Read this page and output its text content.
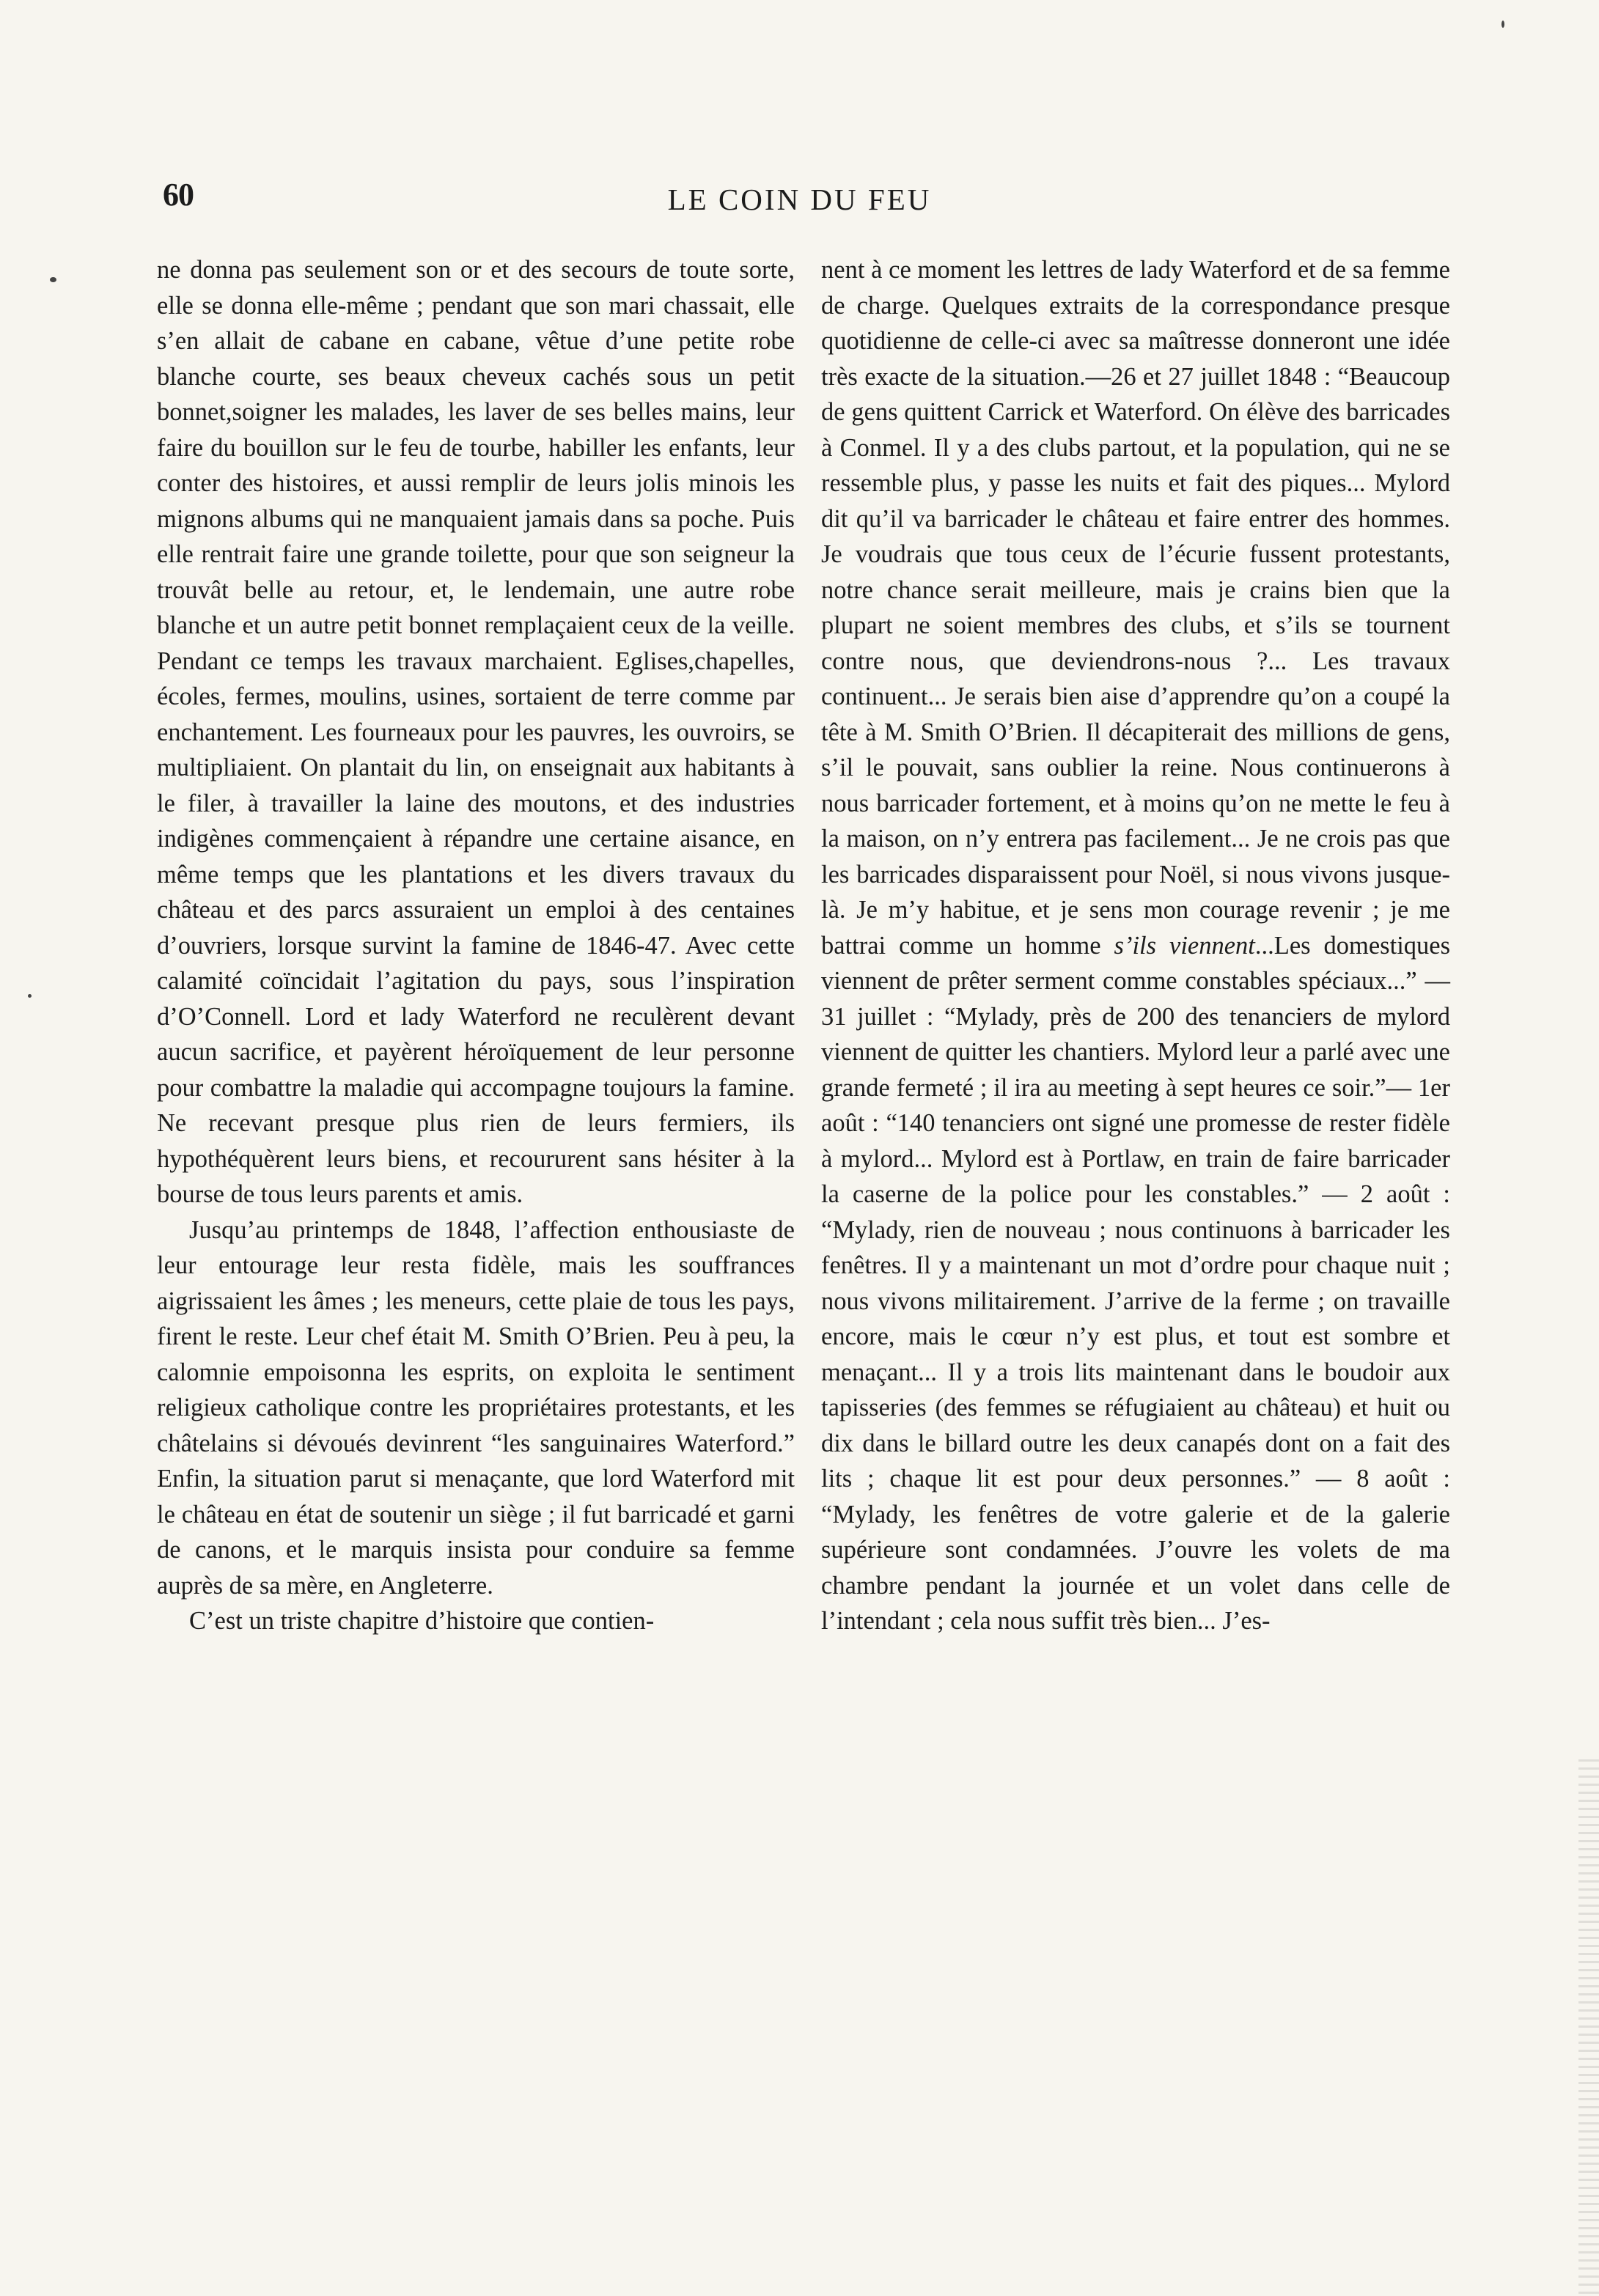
60	LE COIN DU FEU

ne donna pas seulement son or et des secours de toute sorte, elle se donna elle-même ; pendant que son mari chassait, elle s’en allait de cabane en cabane, vêtue d’une petite robe blanche courte, ses beaux cheveux cachés sous un petit bonnet,soigner les malades, les laver de ses belles mains, leur faire du bouillon sur le feu de tourbe, habiller les enfants, leur conter des histoires, et aussi remplir de leurs jolis minois les mignons albums qui ne manquaient jamais dans sa poche. Puis elle rentrait faire une grande toilette, pour que son seigneur la trouvât belle au retour, et, le lendemain, une autre robe blanche et un autre petit bonnet remplaçaient ceux de la veille. Pendant ce temps les travaux marchaient. Eglises,chapelles, écoles, fermes, moulins, usines, sortaient de terre comme par enchantement. Les fourneaux pour les pauvres, les ouvroirs, se multipliaient. On plantait du lin, on enseignait aux habitants à le filer, à travailler la laine des moutons, et des industries indigènes commençaient à répandre une certaine aisance, en même temps que les plantations et les divers travaux du château et des parcs assuraient un emploi à des centaines d’ouvriers, lorsque survint la famine de 1846-47. Avec cette calamité coïncidait l’agitation du pays, sous l’inspiration d’O’Connell. Lord et lady Waterford ne reculèrent devant aucun sacrifice, et payèrent héroïquement de leur personne pour combattre la maladie qui accompagne toujours la famine. Ne recevant presque plus rien de leurs fermiers, ils hypothéquèrent leurs biens, et recoururent sans hésiter à la bourse de tous leurs parents et amis.

Jusqu’au printemps de 1848, l’affection enthousiaste de leur entourage leur resta fidèle, mais les souffrances aigrissaient les âmes ; les meneurs, cette plaie de tous les pays, firent le reste. Leur chef était M. Smith O’Brien. Peu à peu, la calomnie empoisonna les esprits, on exploita le sentiment religieux catholique contre les propriétaires protestants, et les châtelains si dévoués devinrent “les sanguinaires Waterford.” Enfin, la situation parut si menaçante, que lord Waterford mit le château en état de soutenir un siège ; il fut barricadé et garni de canons, et le marquis insista pour conduire sa femme auprès de sa mère, en Angleterre.

C’est un triste chapitre d’histoire que contien-

nent à ce moment les lettres de lady Waterford et de sa femme de charge. Quelques extraits de la correspondance presque quotidienne de celle-ci avec sa maîtresse donneront une idée très exacte de la situation.—26 et 27 juillet 1848 : “Beaucoup de gens quittent Carrick et Waterford. On élève des barricades à Conmel. Il y a des clubs partout, et la population, qui ne se ressemble plus, y passe les nuits et fait des piques... Mylord dit qu’il va barricader le château et faire entrer des hommes. Je voudrais que tous ceux de l’écurie fussent protestants, notre chance serait meilleure, mais je crains bien que la plupart ne soient membres des clubs, et s’ils se tournent contre nous, que deviendrons-nous ?... Les travaux continuent... Je serais bien aise d’apprendre qu’on a coupé la tête à M. Smith O’Brien. Il décapiterait des millions de gens, s’il le pouvait, sans oublier la reine. Nous continuerons à nous barricader fortement, et à moins qu’on ne mette le feu à la maison, on n’y entrera pas facilement... Je ne crois pas que les barricades disparaissent pour Noël, si nous vivons jusque-là. Je m’y habitue, et je sens mon courage revenir ; je me battrai comme un homme s’ils viennent...Les domestiques viennent de prêter serment comme constables spéciaux...” — 31 juillet : “Mylady, près de 200 des tenanciers de mylord viennent de quitter les chantiers. Mylord leur a parlé avec une grande fermeté ; il ira au meeting à sept heures ce soir.”— 1er août : “140 tenanciers ont signé une promesse de rester fidèle à mylord... Mylord est à Portlaw, en train de faire barricader la caserne de la police pour les constables.” — 2 août : “Mylady, rien de nouveau ; nous continuons à barricader les fenêtres. Il y a maintenant un mot d’ordre pour chaque nuit ; nous vivons militairement. J’arrive de la ferme ; on travaille encore, mais le cœur n’y est plus, et tout est sombre et menaçant... Il y a trois lits maintenant dans le boudoir aux tapisseries (des femmes se réfugiaient au château) et huit ou dix dans le billard outre les deux canapés dont on a fait des lits ; chaque lit est pour deux personnes.” — 8 août : “Mylady, les fenêtres de votre galerie et de la galerie supérieure sont condamnées. J’ouvre les volets de ma chambre pendant la journée et un volet dans celle de l’intendant ; cela nous suffit très bien... J’es-
